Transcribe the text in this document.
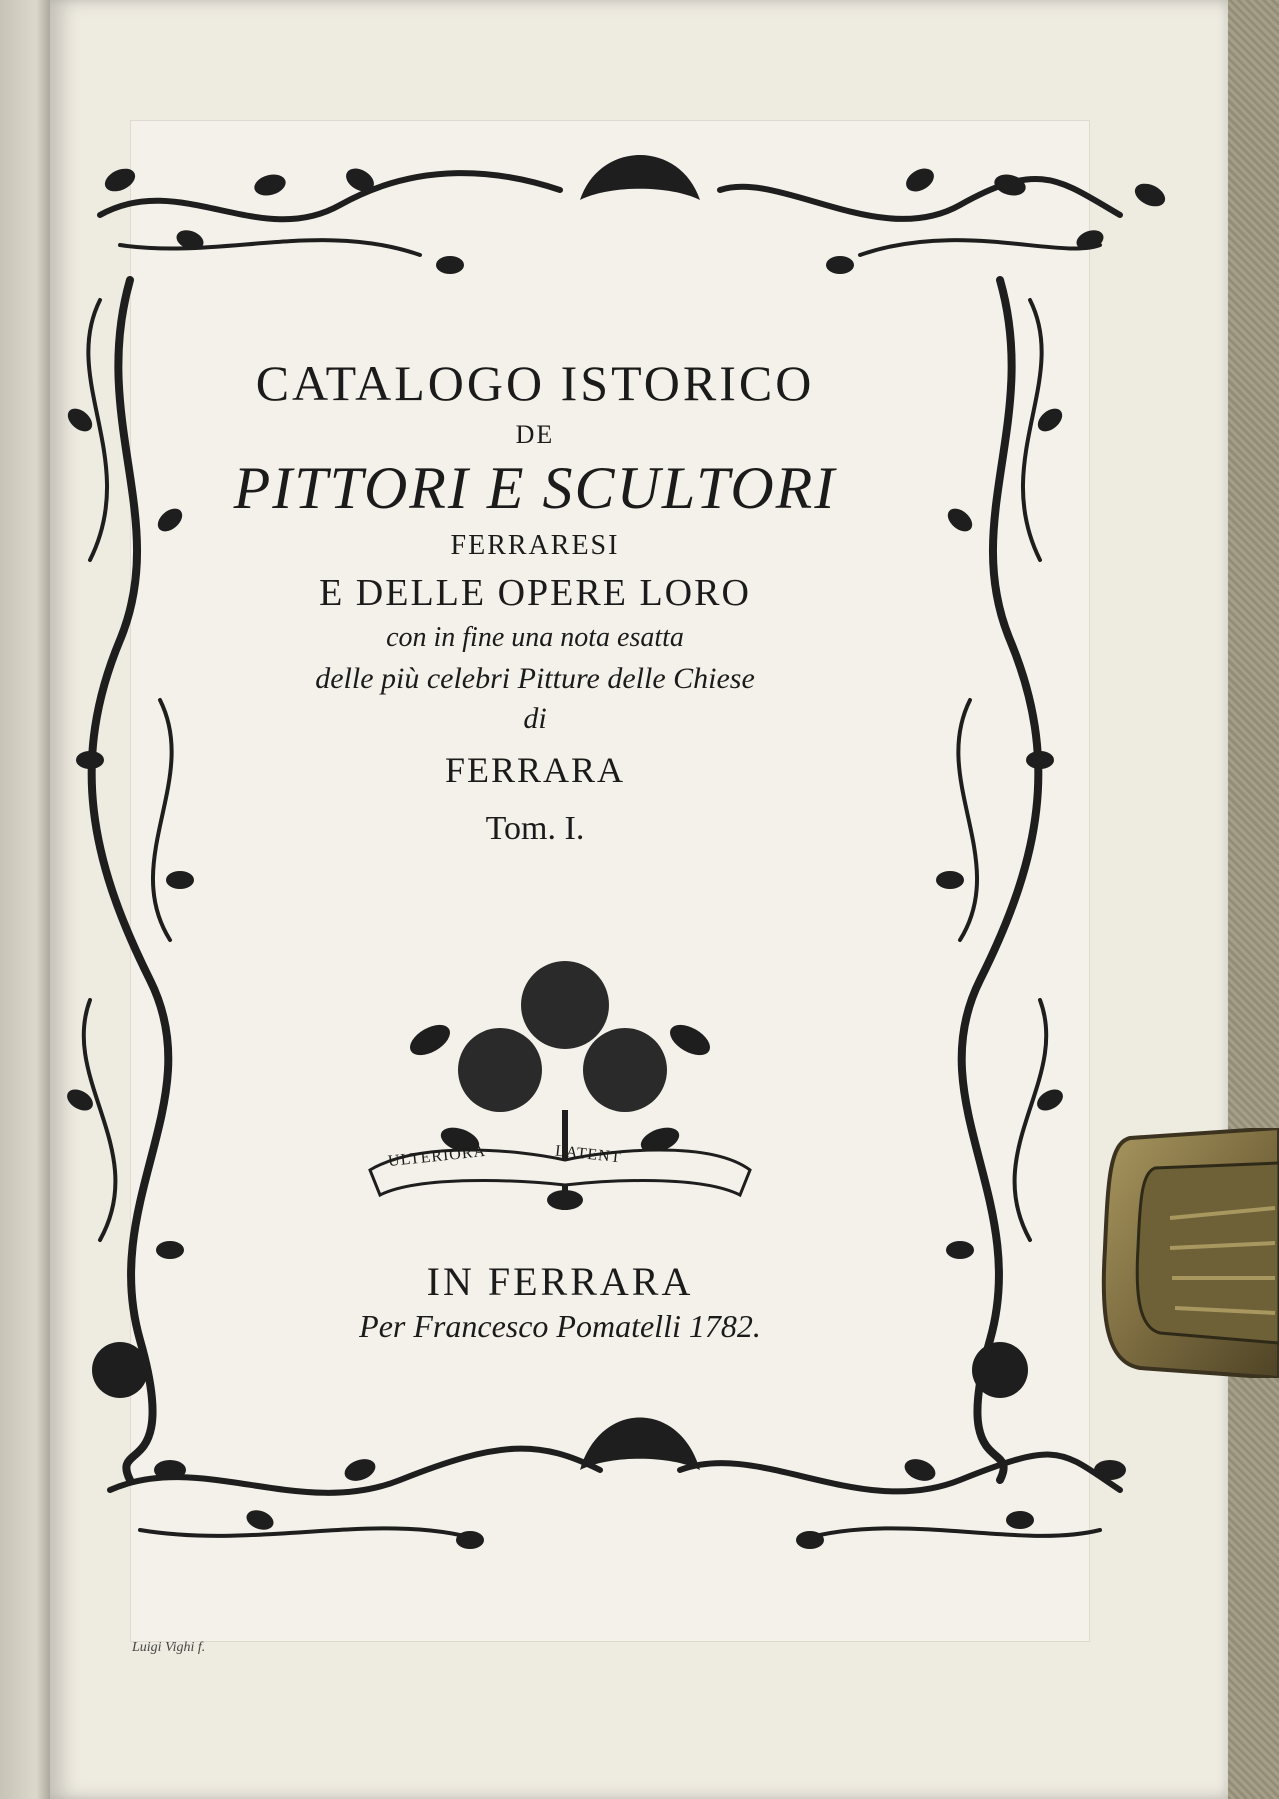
CATALOGO ISTORICO
DE
PITTORI E SCULTORI
FERRARESI
E DELLE OPERE LORO
con in fine una nota esatta
delle più celebri Pitture delle Chiese
di
FERRARA
Tom. I.
ULTERIORA	LATENT
IN FERRARA
Per Francesco Pomatelli 1782.
Luigi Vighi f.
